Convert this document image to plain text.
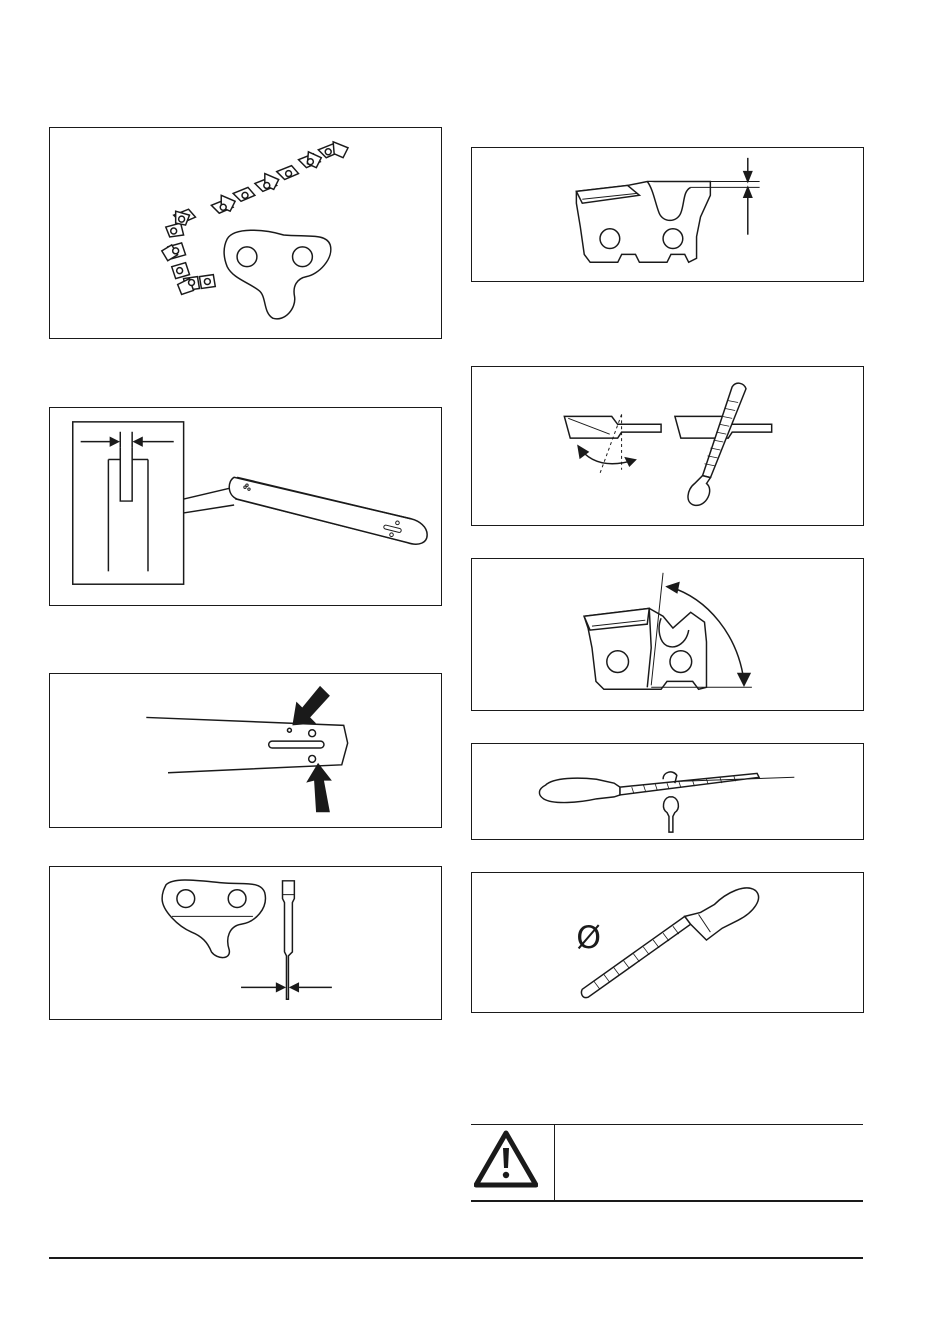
Ø
